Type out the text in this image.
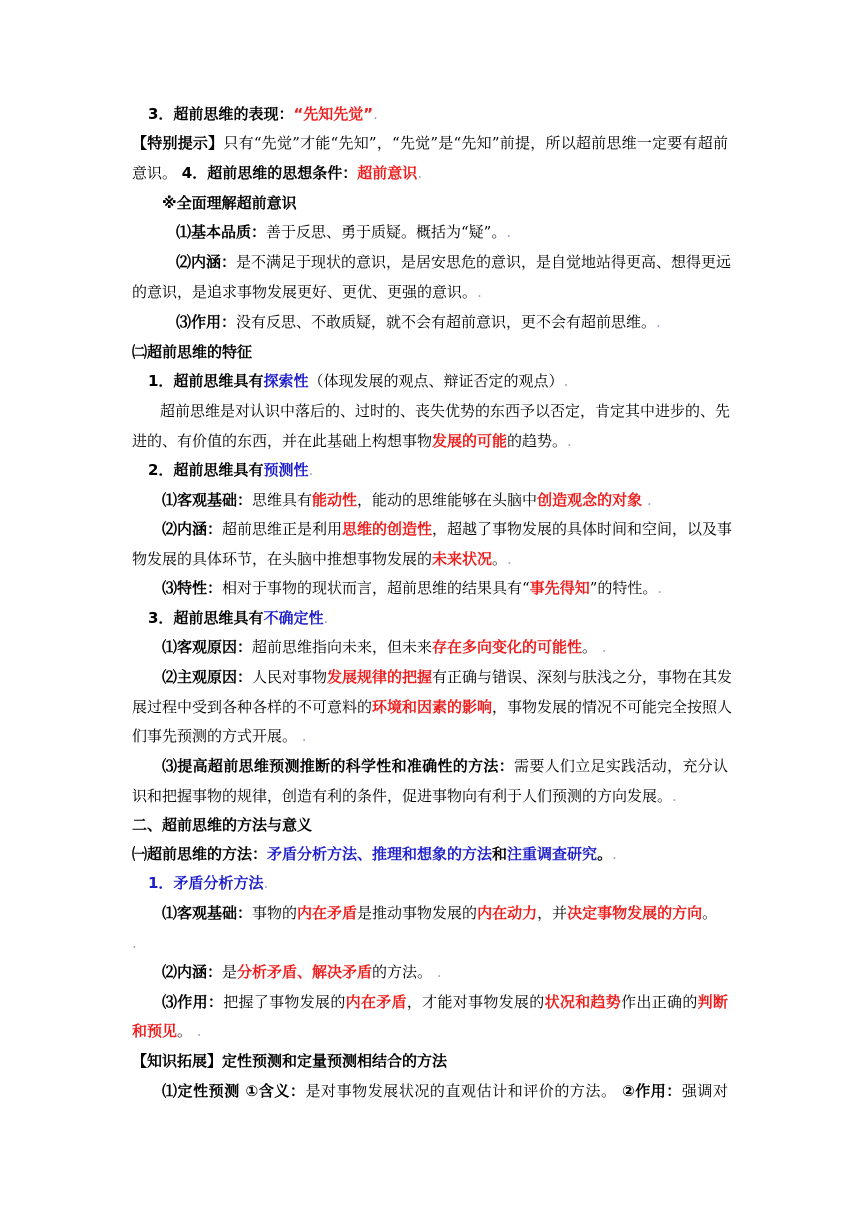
3．超前思维的表现：“先知先觉”.
【特别提示】只有“先觉”才能“先知”，“先觉”是“先知”前提，所以超前思维一定要有超前
意识。 4．超前思维的思想条件：超前意识.
※全面理解超前意识
⑴基本品质：善于反思、勇于质疑。概括为“疑”。.
⑵内涵：是不满足于现状的意识，是居安思危的意识，是自觉地站得更高、想得更远
的意识，是追求事物发展更好、更优、更强的意识。.
⑶作用：没有反思、不敢质疑，就不会有超前意识，更不会有超前思维。.
㈡超前思维的特征
1．超前思维具有探索性（体现发展的观点、辩证否定的观点）.
超前思维是对认识中落后的、过时的、丧失优势的东西予以否定，肯定其中进步的、先
进的、有价值的东西，并在此基础上构想事物发展的可能的趋势。.
2．超前思维具有预测性.
⑴客观基础：思维具有能动性，能动的思维能够在头脑中创造观念的对象 .
⑵内涵：超前思维正是利用思维的创造性，超越了事物发展的具体时间和空间，以及事
物发展的具体环节，在头脑中推想事物发展的未来状况。.
⑶特性：相对于事物的现状而言，超前思维的结果具有“事先得知”的特性。.
3．超前思维具有不确定性.
⑴客观原因：超前思维指向未来，但未来存在多向变化的可能性。 .
⑵主观原因：人民对事物发展规律的把握有正确与错误、深刻与肤浅之分，事物在其发
展过程中受到各种各样的不可意料的环境和因素的影响，事物发展的情况不可能完全按照人
们事先预测的方式开展。 .
⑶提高超前思维预测推断的科学性和准确性的方法：需要人们立足实践活动，充分认
识和把握事物的规律，创造有利的条件，促进事物向有利于人们预测的方向发展。.
二、超前思维的方法与意义
㈠超前思维的方法：矛盾分析方法、推理和想象的方法和注重调查研究。.
1．矛盾分析方法.
⑴客观基础：事物的内在矛盾是推动事物发展的内在动力，并决定事物发展的方向。
.
⑵内涵：是分析矛盾、解决矛盾的方法。 .
⑶作用：把握了事物发展的内在矛盾，才能对事物发展的状况和趋势作出正确的判断
和预见。 .
【知识拓展】定性预测和定量预测相结合的方法
⑴定性预测 ①含义：是对事物发展状况的直观估计和评价的方法。 ②作用：强调对
